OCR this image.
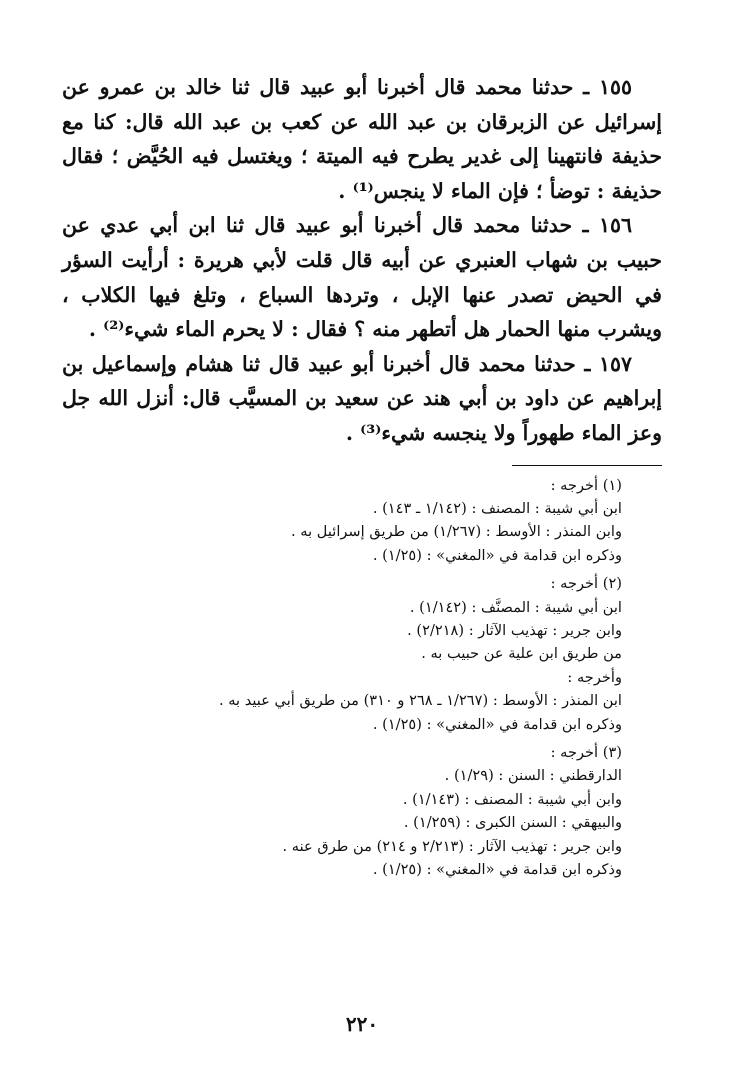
١٥٥ ـ حدثنا محمد قال أخبرنا أبو عبيد قال ثنا خالد بن عمرو عن إسرائيل عن الزبرقان بن عبد الله عن كعب بن عبد الله قال: كنا مع حذيفة فانتهينا إلى غدير يطرح فيه الميتة ؛ ويغتسل فيه الحُيَّض ؛ فقال حذيفة : توضأ ؛ فإن الماء لا ينجس⁽¹⁾ .

١٥٦ ـ حدثنا محمد قال أخبرنا أبو عبيد قال ثنا ابن أبي عدي عن حبيب بن شهاب العنبري عن أبيه قال قلت لأبي هريرة : أرأيت السؤر في الحيض تصدر عنها الإبل ، وتردها السباع ، وتلغ فيها الكلاب ، ويشرب منها الحمار هل أتطهر منه ؟ فقال : لا يحرم الماء شيء⁽²⁾ .

١٥٧ ـ حدثنا محمد قال أخبرنا أبو عبيد قال ثنا هشام وإسماعيل بن إبراهيم عن داود بن أبي هند عن سعيد بن المسيَّب قال: أنزل الله جل وعز الماء طهوراً ولا ينجسه شيء⁽³⁾ .

(١) أخرجه :
ابن أبي شيبة : المصنف : (١/١٤٢ ـ ١٤٣) .
وابن المنذر : الأوسط : (١/٢٦٧) من طريق إسرائيل به .
وذكره ابن قدامة في «المغني» : (١/٢٥) .
(٢) أخرجه :
ابن أبي شيبة : المصنَّف : (١/١٤٢) .
وابن جرير : تهذيب الآثار : (٢/٢١٨) .
من طريق ابن علية عن حبيب به .
وأخرجه :
ابن المنذر : الأوسط : (١/٢٦٧ ـ ٢٦٨ و ٣١٠) من طريق أبي عبيد به .
وذكره ابن قدامة في «المغني» : (١/٢٥) .
(٣) أخرجه :
الدارقطني : السنن : (١/٢٩) .
وابن أبي شيبة : المصنف : (١/١٤٣) .
والبيهقي : السنن الكبرى : (١/٢٥٩) .
وابن جرير : تهذيب الآثار : (٢/٢١٣ و ٢١٤) من طرق عنه .
وذكره ابن قدامة في «المغني» : (١/٢٥) .
٢٢٠
